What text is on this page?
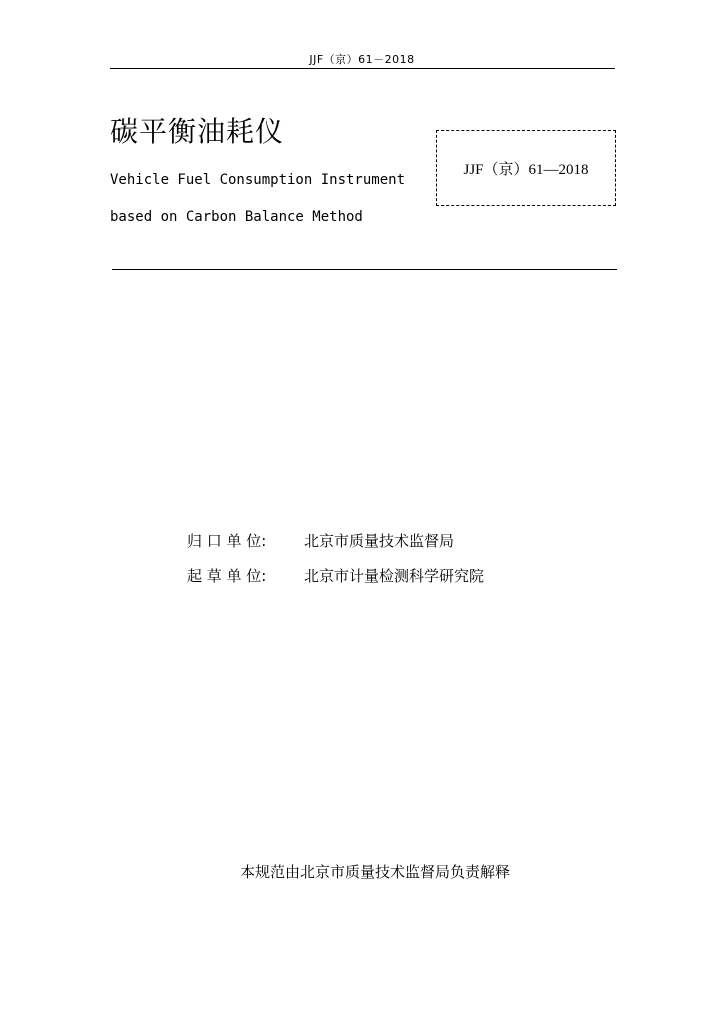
JJF（京）61－2018
碳平衡油耗仪
Vehicle Fuel Consumption Instrument
based on Carbon Balance Method
JJF（京）61—2018
归 口 单 位:	北京市质量技术监督局
起 草 单 位:	北京市计量检测科学研究院
本规范由北京市质量技术监督局负责解释
